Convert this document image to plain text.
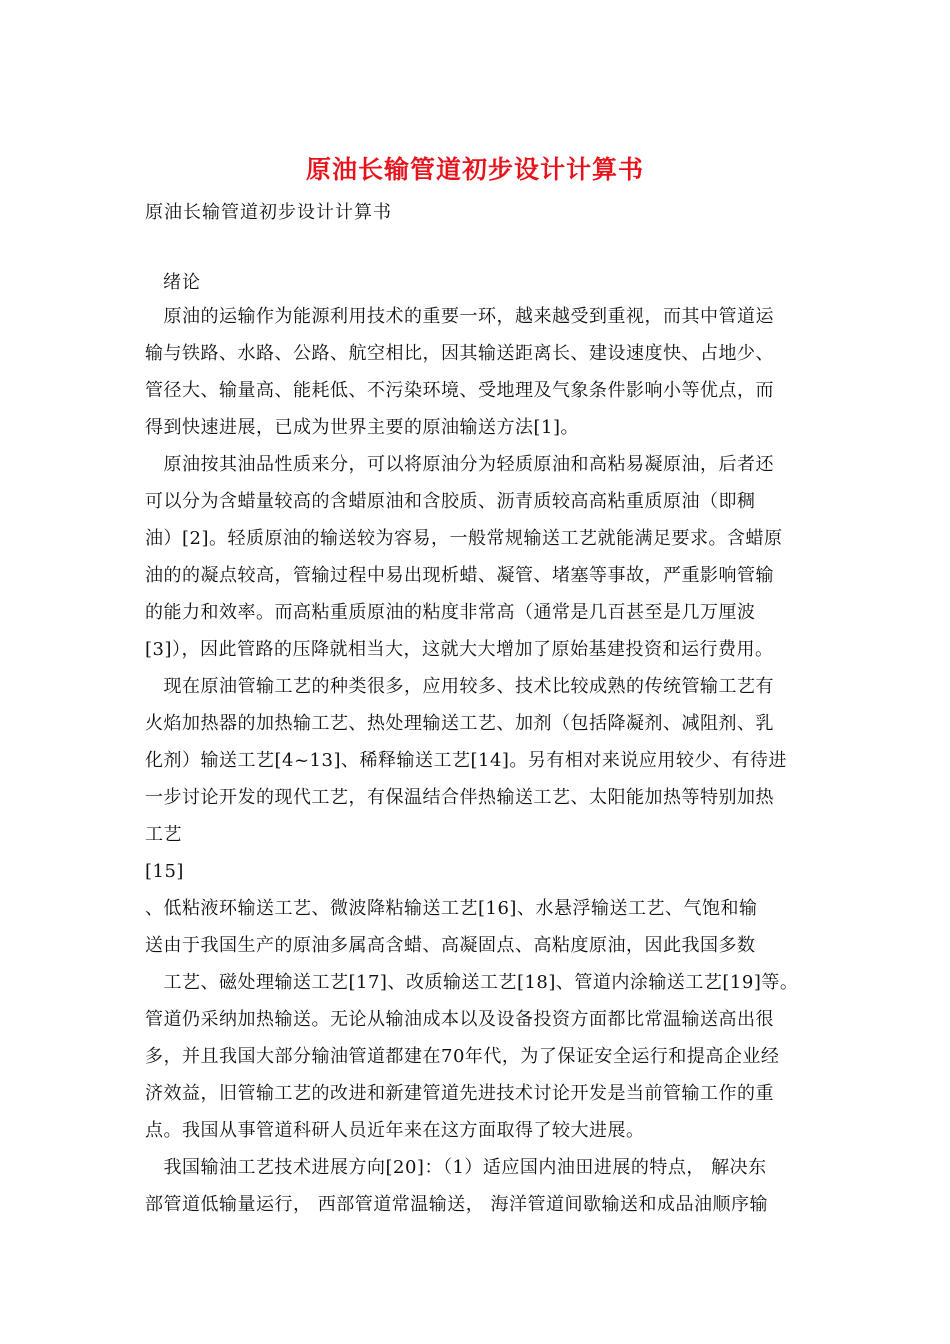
原油长输管道初步设计计算书
原油长输管道初步设计计算书
绪论
　原油的运输作为能源利用技术的重要一环，越来越受到重视，而其中管道运
输与铁路、水路、公路、航空相比，因其输送距离长、建设速度快、占地少、
管径大、输量高、能耗低、不污染环境、受地理及气象条件影响小等优点，而
得到快速进展，已成为世界主要的原油输送方法[1]。
　原油按其油品性质来分，可以将原油分为轻质原油和高粘易凝原油，后者还
可以分为含蜡量较高的含蜡原油和含胶质、沥青质较高高粘重质原油（即稠
油）[2]。轻质原油的输送较为容易，一般常规输送工艺就能满足要求。含蜡原
油的的凝点较高，管输过程中易出现析蜡、凝管、堵塞等事故，严重影响管输
的能力和效率。而高粘重质原油的粘度非常高（通常是几百甚至是几万厘波
[3]），因此管路的压降就相当大，这就大大增加了原始基建投资和运行费用。
　现在原油管输工艺的种类很多，应用较多、技术比较成熟的传统管输工艺有
火焰加热器的加热输工艺、热处理输送工艺、加剂（包括降凝剂、减阻剂、乳
化剂）输送工艺[4~13]、稀释输送工艺[14]。另有相对来说应用较少、有待进
一步讨论开发的现代工艺，有保温结合伴热输送工艺、太阳能加热等特别加热
工艺
[15]
、低粘液环输送工艺、微波降粘输送工艺[16]、水悬浮输送工艺、气饱和输
送由于我国生产的原油多属高含蜡、高凝固点、高粘度原油，因此我国多数
　工艺、磁处理输送工艺[17]、改质输送工艺[18]、管道内涂输送工艺[19]等。
管道仍采纳加热输送。无论从输油成本以及设备投资方面都比常温输送高出很
多，并且我国大部分输油管道都建在70年代，为了保证安全运行和提高企业经
济效益，旧管输工艺的改进和新建管道先进技术讨论开发是当前管输工作的重
点。我国从事管道科研人员近年来在这方面取得了较大进展。
　我国输油工艺技术进展方向[20]：（1）适应国内油田进展的特点， 解决东
部管道低输量运行， 西部管道常温输送， 海洋管道间歇输送和成品油顺序输
